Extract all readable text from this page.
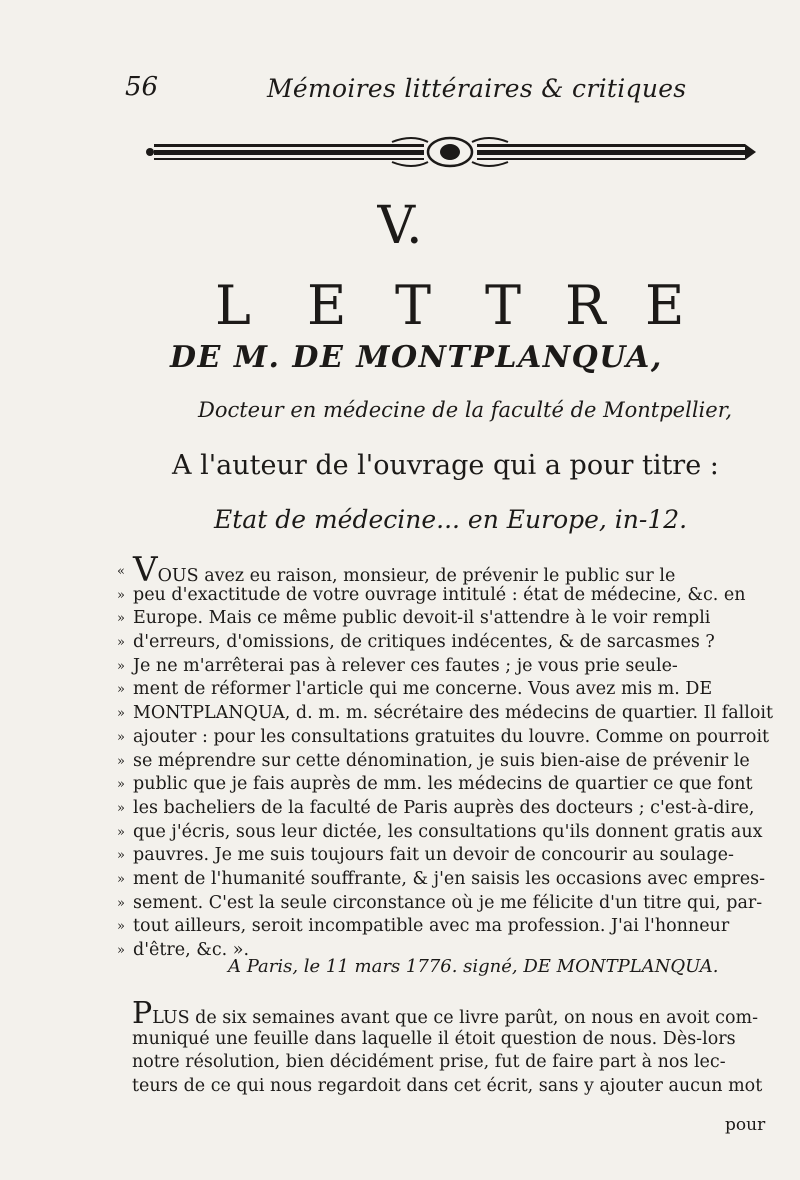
56	Mémoires littéraires & critiques
V.
L E T T R E
DE M. DE MONTPLANQUA,
Docteur en médecine de la faculté de Montpellier,
A l'auteur de l'ouvrage qui a pour titre :
Etat de médecine... en Europe, in-12.
« VOUS avez eu raison, monsieur, de prévenir le public sur le
» peu d'exactitude de votre ouvrage intitulé : état de médecine, &c. en
» Europe. Mais ce même public devoit-il s'attendre à le voir rempli
» d'erreurs, d'omissions, de critiques indécentes, & de sarcasmes ?
» Je ne m'arrêterai pas à relever ces fautes ; je vous prie seule-
» ment de réformer l'article qui me concerne. Vous avez mis m. DE
» MONTPLANQUA, d. m. m. sécrétaire des médecins de quartier. Il falloit
» ajouter : pour les consultations gratuites du louvre. Comme on pourroit
» se méprendre sur cette dénomination, je suis bien-aise de prévenir le
» public que je fais auprès de mm. les médecins de quartier ce que font
» les bacheliers de la faculté de Paris auprès des docteurs ; c'est-à-dire,
» que j'écris, sous leur dictée, les consultations qu'ils donnent gratis aux
» pauvres. Je me suis toujours fait un devoir de concourir au soulage-
» ment de l'humanité souffrante, & j'en saisis les occasions avec empres-
» sement. C'est la seule circonstance où je me félicite d'un titre qui, par-
» tout ailleurs, seroit incompatible avec ma profession. J'ai l'honneur
» d'être, &c. ».
A Paris, le 11 mars 1776. signé, DE MONTPLANQUA.
PLUS de six semaines avant que ce livre parût, on nous en avoit com-
muniqué une feuille dans laquelle il étoit question de nous. Dès-lors
notre résolution, bien décidément prise, fut de faire part à nos lec-
teurs de ce qui nous regardoit dans cet écrit, sans y ajouter aucun mot
pour
